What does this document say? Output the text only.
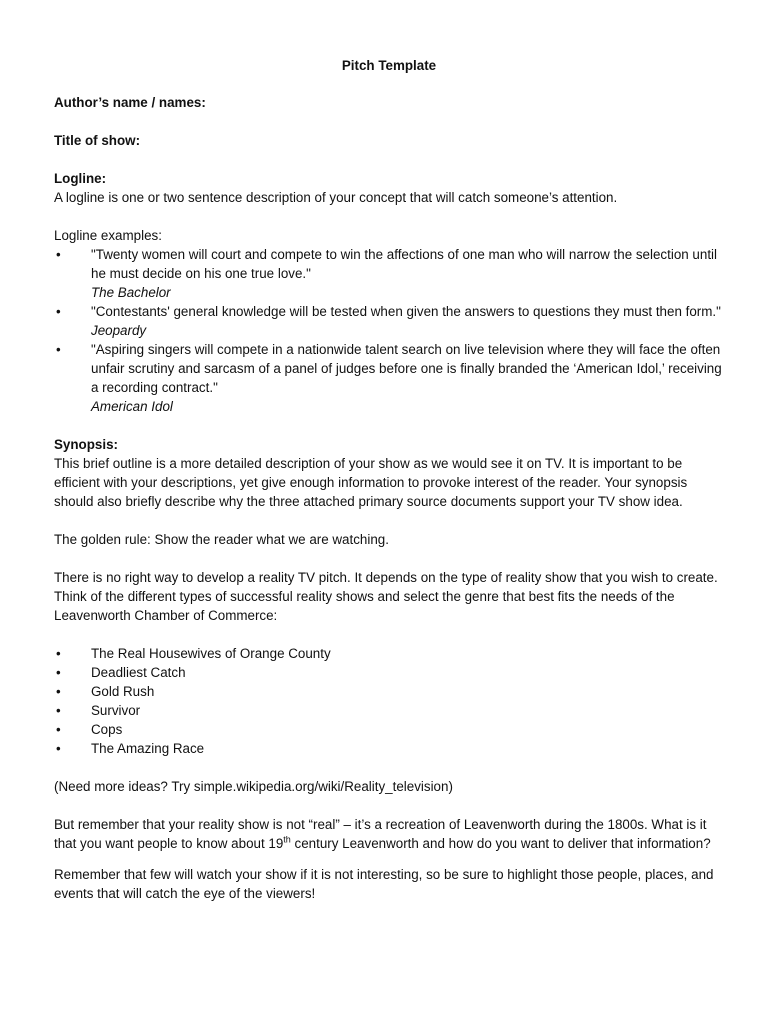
Pitch Template

Author’s name / names:

Title of show:

Logline:

A logline is one or two sentence description of your concept that will catch someone’s attention.

Logline examples:

• "Twenty women will court and compete to win the affections of one man who will narrow the selection until he must decide on his one true love."
The Bachelor
• "Contestants' general knowledge will be tested when given the answers to questions they must then form."
Jeopardy
• "Aspiring singers will compete in a nationwide talent search on live television where they will face the often unfair scrutiny and sarcasm of a panel of judges before one is finally branded the ‘American Idol,’ receiving a recording contract."
American Idol

Synopsis:

This brief outline is a more detailed description of your show as we would see it on TV. It is important to be efficient with your descriptions, yet give enough information to provoke interest of the reader. Your synopsis should also briefly describe why the three attached primary source documents support your TV show idea.

The golden rule: Show the reader what we are watching.

There is no right way to develop a reality TV pitch. It depends on the type of reality show that you wish to create. Think of the different types of successful reality shows and select the genre that best fits the needs of the Leavenworth Chamber of Commerce:

• The Real Housewives of Orange County
• Deadliest Catch
• Gold Rush
• Survivor
• Cops
• The Amazing Race

(Need more ideas? Try simple.wikipedia.org/wiki/Reality_television)

But remember that your reality show is not “real” – it’s a recreation of Leavenworth during the 1800s. What is it that you want people to know about 19th century Leavenworth and how do you want to deliver that information?

Remember that few will watch your show if it is not interesting, so be sure to highlight those people, places, and events that will catch the eye of the viewers!
